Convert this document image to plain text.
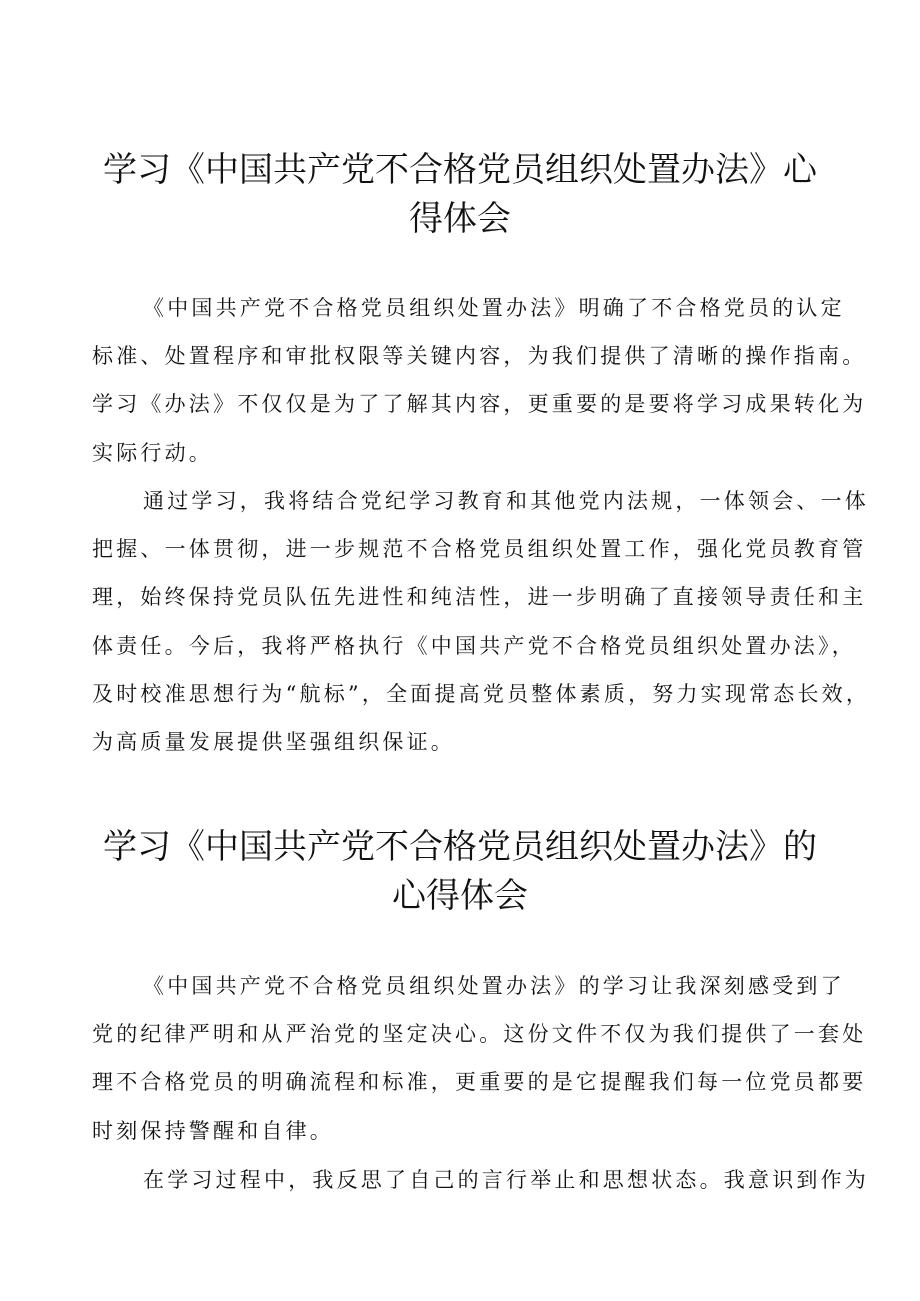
学习《中国共产党不合格党员组织处置办法》心
得体会

《中国共产党不合格党员组织处置办法》明确了不合格党员的认定
标准、处置程序和审批权限等关键内容，为我们提供了清晰的操作指南。
学习《办法》不仅仅是为了了解其内容，更重要的是要将学习成果转化为
实际行动。

通过学习，我将结合党纪学习教育和其他党内法规，一体领会、一体
把握、一体贯彻，进一步规范不合格党员组织处置工作，强化党员教育管
理，始终保持党员队伍先进性和纯洁性，进一步明确了直接领导责任和主
体责任。今后，我将严格执行《中国共产党不合格党员组织处置办法》，
及时校准思想行为“航标”，全面提高党员整体素质，努力实现常态长效，
为高质量发展提供坚强组织保证。

学习《中国共产党不合格党员组织处置办法》的
心得体会

《中国共产党不合格党员组织处置办法》的学习让我深刻感受到了
党的纪律严明和从严治党的坚定决心。这份文件不仅为我们提供了一套处
理不合格党员的明确流程和标准，更重要的是它提醒我们每一位党员都要
时刻保持警醒和自律。

在学习过程中，我反思了自己的言行举止和思想状态。我意识到作为
